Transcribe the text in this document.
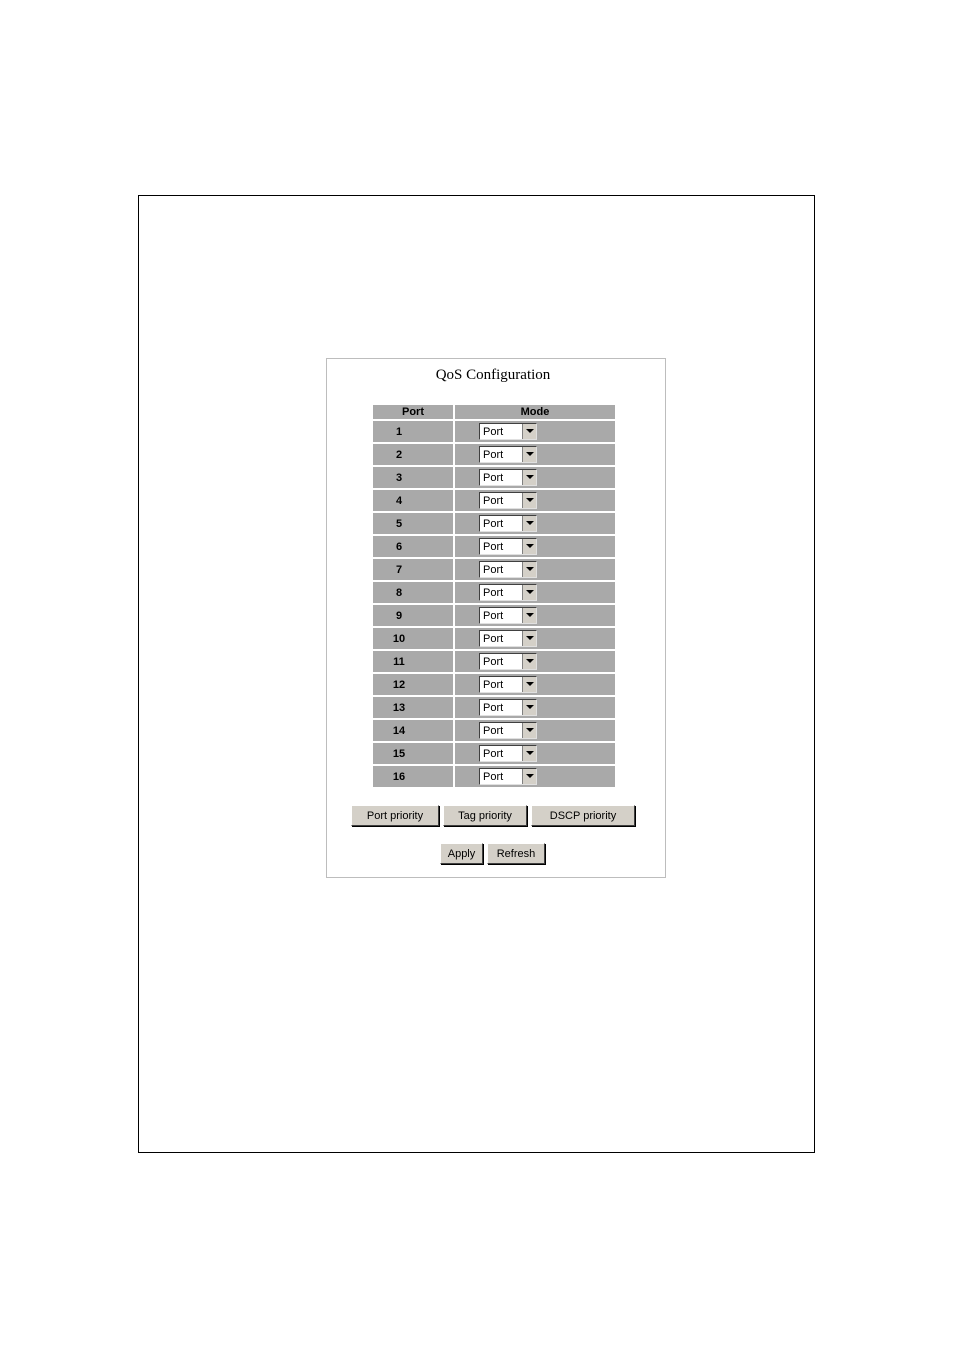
QoS Configuration
Port	Mode
1	Port

2	Port

3	Port

4	Port

5	Port

6	Port

7	Port

8	Port

9	Port

10	Port

11	Port

12	Port

13	Port

14	Port

15	Port

16	Port
Port priority	Tag priority	DSCP priority
Apply	Refresh
